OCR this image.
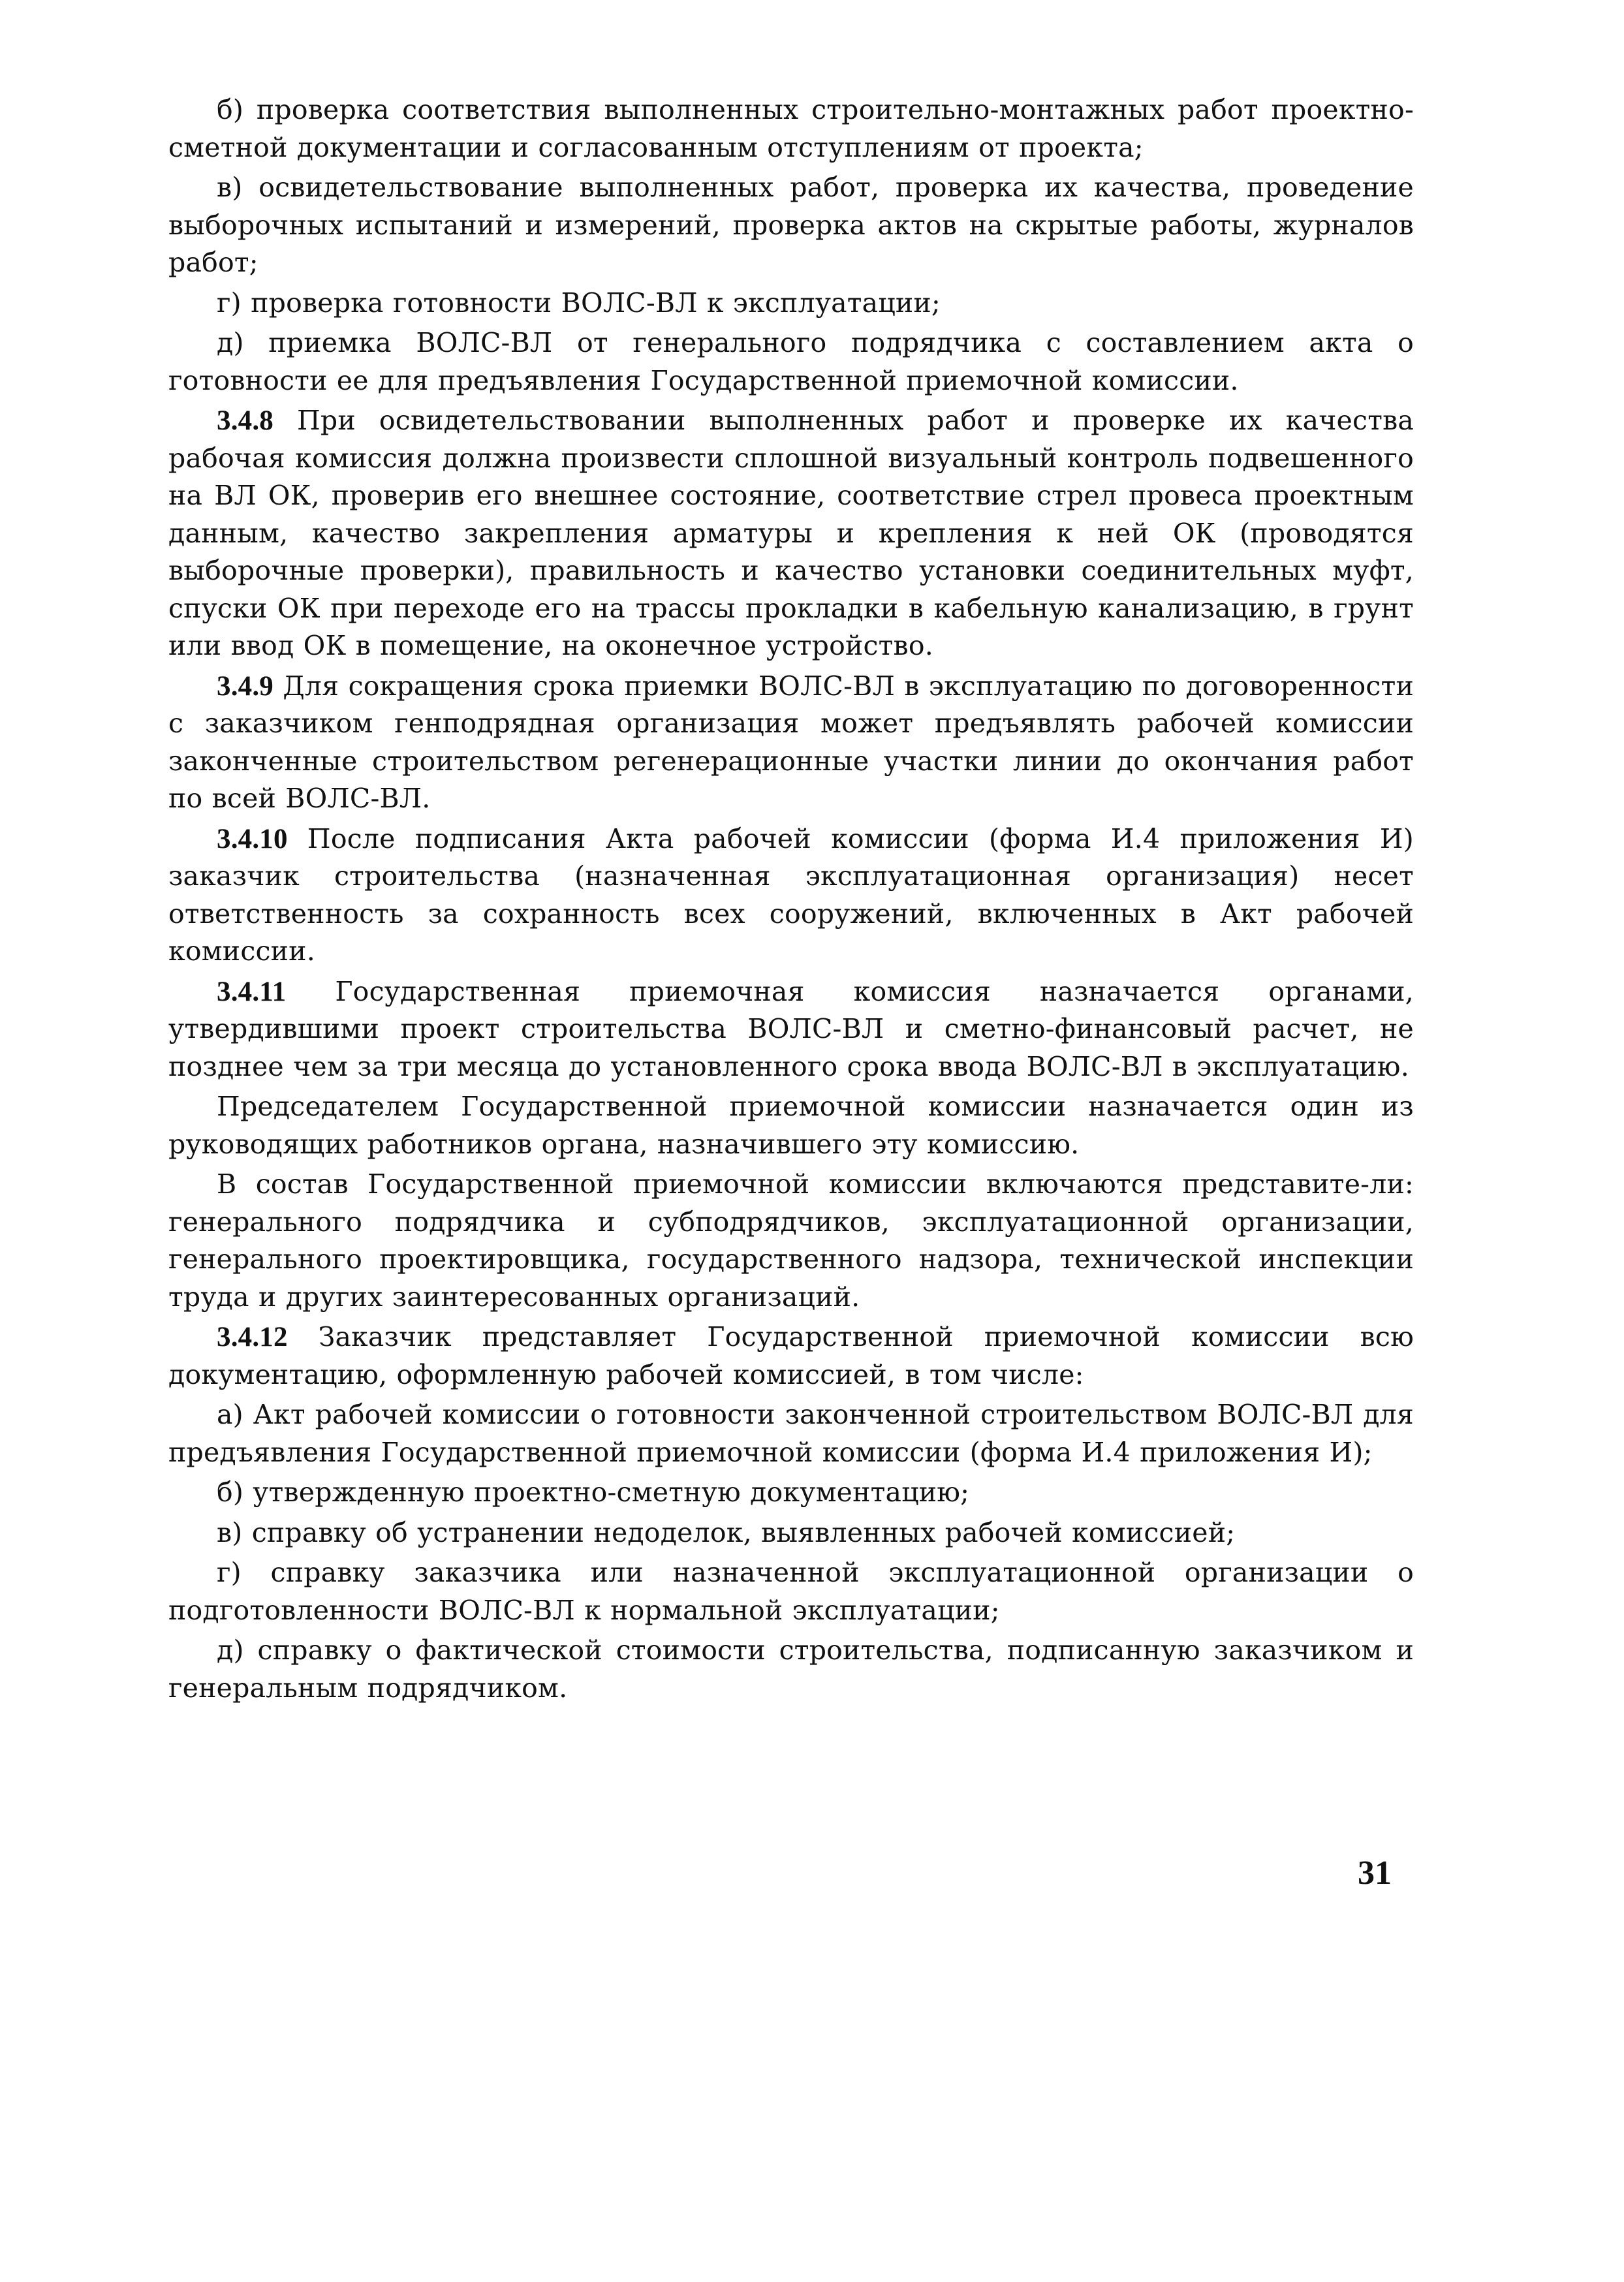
б) проверка соответствия выполненных строительно-монтажных работ проектно-сметной документации и согласованным отступлениям от проекта;

в) освидетельствование выполненных работ, проверка их качества, проведение выборочных испытаний и измерений, проверка актов на скрытые работы, журналов работ;

г) проверка готовности ВОЛС-ВЛ к эксплуатации;

д) приемка ВОЛС-ВЛ от генерального подрядчика с составлением акта о готовности ее для предъявления Государственной приемочной комиссии.

3.4.8 При освидетельствовании выполненных работ и проверке их качества рабочая комиссия должна произвести сплошной визуальный контроль подвешенного на ВЛ ОК, проверив его внешнее состояние, соответствие стрел провеса проектным данным, качество закрепления арматуры и крепления к ней ОК (проводятся выборочные проверки), правильность и качество установки соединительных муфт, спуски ОК при переходе его на трассы прокладки в кабельную канализацию, в грунт или ввод ОК в помещение, на оконечное устройство.

3.4.9 Для сокращения срока приемки ВОЛС-ВЛ в эксплуатацию по договоренности с заказчиком генподрядная организация может предъявлять рабочей комиссии законченные строительством регенерационные участки линии до окончания работ по всей ВОЛС-ВЛ.

3.4.10 После подписания Акта рабочей комиссии (форма И.4 приложения И) заказчик строительства (назначенная эксплуатационная организация) несет ответственность за сохранность всех сооружений, включенных в Акт рабочей комиссии.

3.4.11 Государственная приемочная комиссия назначается органами, утвердившими проект строительства ВОЛС-ВЛ и сметно-финансовый расчет, не позднее чем за три месяца до установленного срока ввода ВОЛС-ВЛ в эксплуатацию.

Председателем Государственной приемочной комиссии назначается один из руководящих работников органа, назначившего эту комиссию.

В состав Государственной приемочной комиссии включаются представите-ли: генерального подрядчика и субподрядчиков, эксплуатационной организации, генерального проектировщика, государственного надзора, технической инспекции труда и других заинтересованных организаций.

3.4.12 Заказчик представляет Государственной приемочной комиссии всю документацию, оформленную рабочей комиссией, в том числе:

а) Акт рабочей комиссии о готовности законченной строительством ВОЛС-ВЛ для предъявления Государственной приемочной комиссии (форма И.4 приложения И);

б) утвержденную проектно-сметную документацию;

в) справку об устранении недоделок, выявленных рабочей комиссией;

г) справку заказчика или назначенной эксплуатационной организации о подготовленности ВОЛС-ВЛ к нормальной эксплуатации;

д) справку о фактической стоимости строительства, подписанную заказчиком и генеральным подрядчиком.

31
